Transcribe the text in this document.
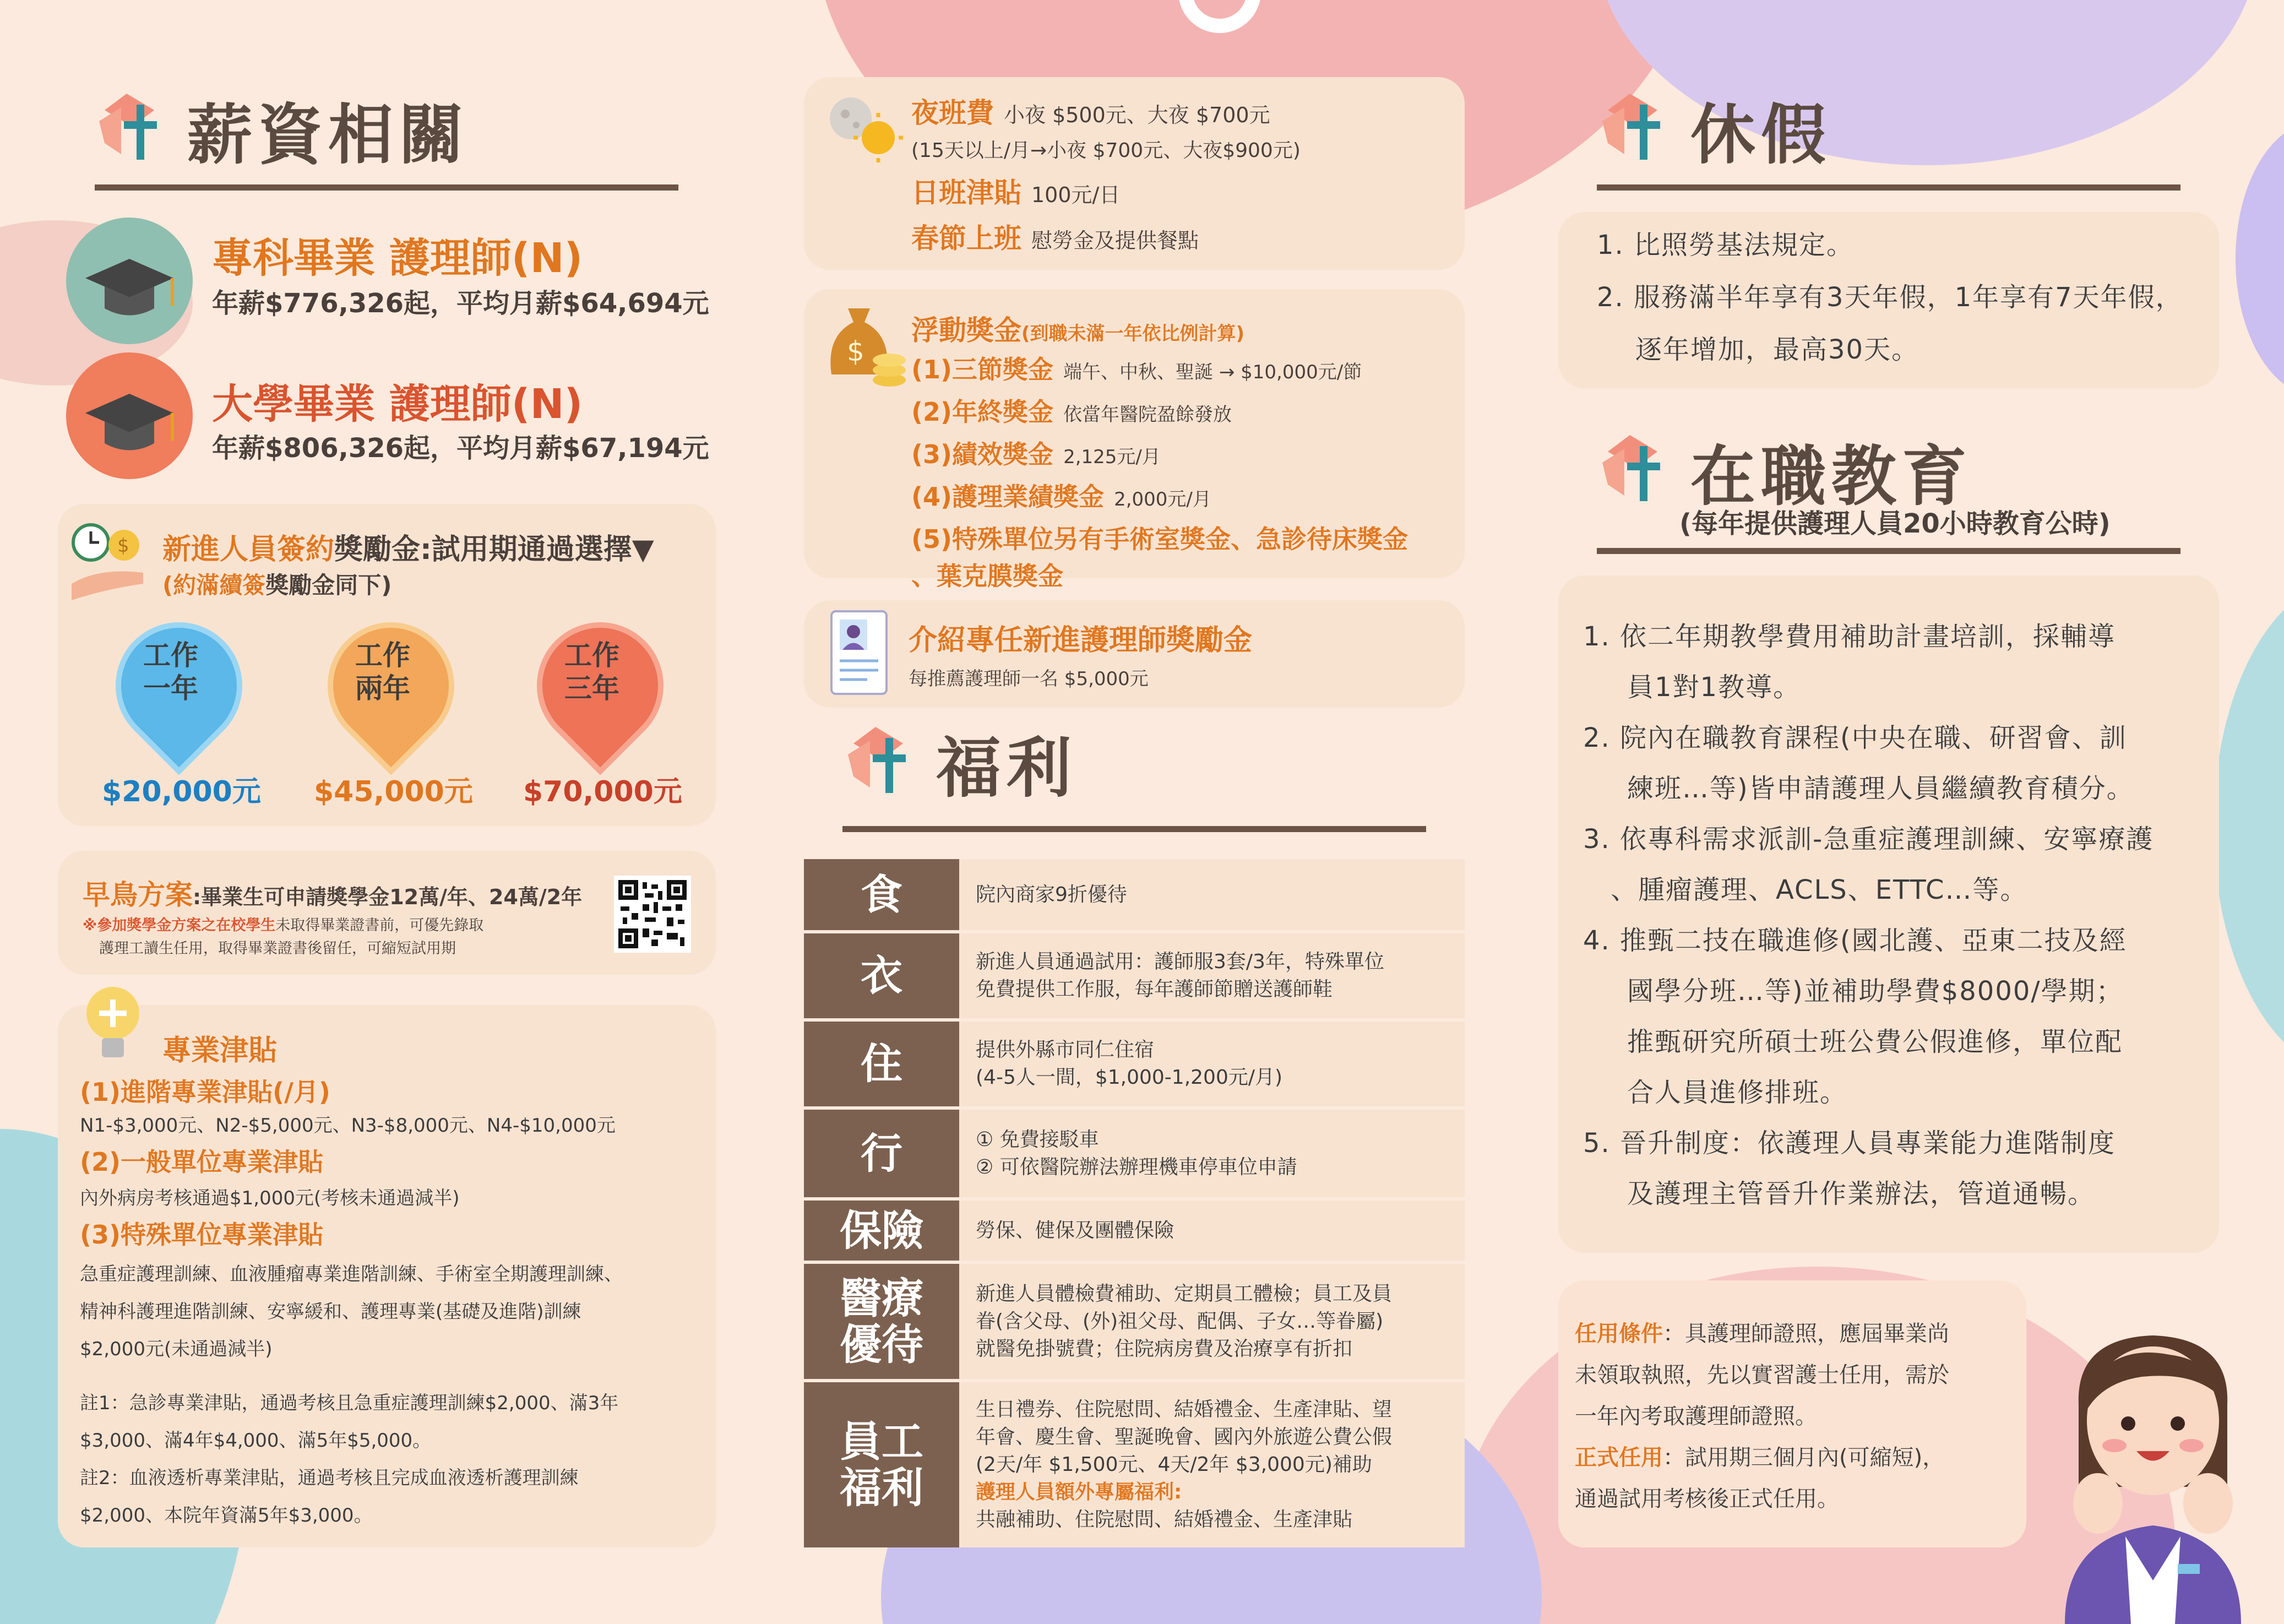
薪資相關
專科畢業 護理師(N)
年薪$776,326起，平均月薪$64,694元
大學畢業 護理師(N)
年薪$806,326起，平均月薪$67,194元
$ 新進人員簽約獎勵金:試用期通過選擇▼
(約滿續簽獎勵金同下)
工作一年
$20,000元
工作兩年
$45,000元
工作三年
$70,000元
早鳥方案:畢業生可申請獎學金12萬/年、24萬/2年
※參加獎學金方案之在校學生未取得畢業證書前，可優先錄取
護理工讀生任用，取得畢業證書後留任，可縮短試用期
專業津貼
(1)進階專業津貼(/月)
N1-$3,000元、N2-$5,000元、N3-$8,000元、N4-$10,000元
(2)一般單位專業津貼
內外病房考核通過$1,000元(考核未通過減半)
(3)特殊單位專業津貼
急重症護理訓練、血液腫瘤專業進階訓練、手術室全期護理訓練、
精神科護理進階訓練、安寧緩和、護理專業(基礎及進階)訓練
$2,000元(未通過減半)
註1：急診專業津貼，通過考核且急重症護理訓練$2,000、滿3年
$3,000、滿4年$4,000、滿5年$5,000。
註2：血液透析專業津貼，通過考核且完成血液透析護理訓練
$2,000、本院年資滿5年$3,000。
夜班費 小夜 $500元、大夜 $700元
(15天以上/月→小夜 $700元、大夜$900元)
日班津貼 100元/日
春節上班 慰勞金及提供餐點
$
浮動獎金(到職未滿一年依比例計算)
(1)三節獎金 端午、中秋、聖誕 → $10,000元/節
(2)年終獎金 依當年醫院盈餘發放
(3)績效獎金 2,125元/月
(4)護理業績獎金 2,000元/月
(5)特殊單位另有手術室獎金、急診待床獎金
、葉克膜獎金
介紹專任新進護理師獎勵金
每推薦護理師一名 $5,000元
福利
食	院內商家9折優待
衣	新進人員通過試用：護師服3套/3年，特殊單位
免費提供工作服，每年護師節贈送護師鞋
住	提供外縣市同仁住宿
(4-5人一間，$1,000-1,200元/月)
行	① 免費接駁車
② 可依醫院辦法辦理機車停車位申請
保險	勞保、健保及團體保險
醫療優待
新進人員體檢費補助、定期員工體檢；員工及員
眷(含父母、(外)祖父母、配偶、子女…等眷屬)
就醫免掛號費；住院病房費及治療享有折扣
員工福利
生日禮券、住院慰問、結婚禮金、生產津貼、望
年會、慶生會、聖誕晚會、國內外旅遊公費公假
(2天/年 $1,500元、4天/2年 $3,000元)補助
護理人員額外專屬福利:
共融補助、住院慰問、結婚禮金、生產津貼
休假
1. 比照勞基法規定。
2. 服務滿半年享有3天年假，1年享有7天年假，
逐年增加，最高30天。
在職教育
(每年提供護理人員20小時教育公時)
1. 依二年期教學費用補助計畫培訓，採輔導
員1對1教導。
2. 院內在職教育課程(中央在職、研習會、訓
練班…等)皆申請護理人員繼續教育積分。
3. 依專科需求派訓-急重症護理訓練、安寧療護
、腫瘤護理、ACLS、ETTC…等。
4. 推甄二技在職進修(國北護、亞東二技及經
國學分班…等)並補助學費$8000/學期；
推甄研究所碩士班公費公假進修，單位配
合人員進修排班。
5. 晉升制度：依護理人員專業能力進階制度
及護理主管晉升作業辦法，管道通暢。
任用條件：具護理師證照，應屆畢業尚
未領取執照，先以實習護士任用，需於
一年內考取護理師證照。
正式任用：試用期三個月內(可縮短)，
通過試用考核後正式任用。
